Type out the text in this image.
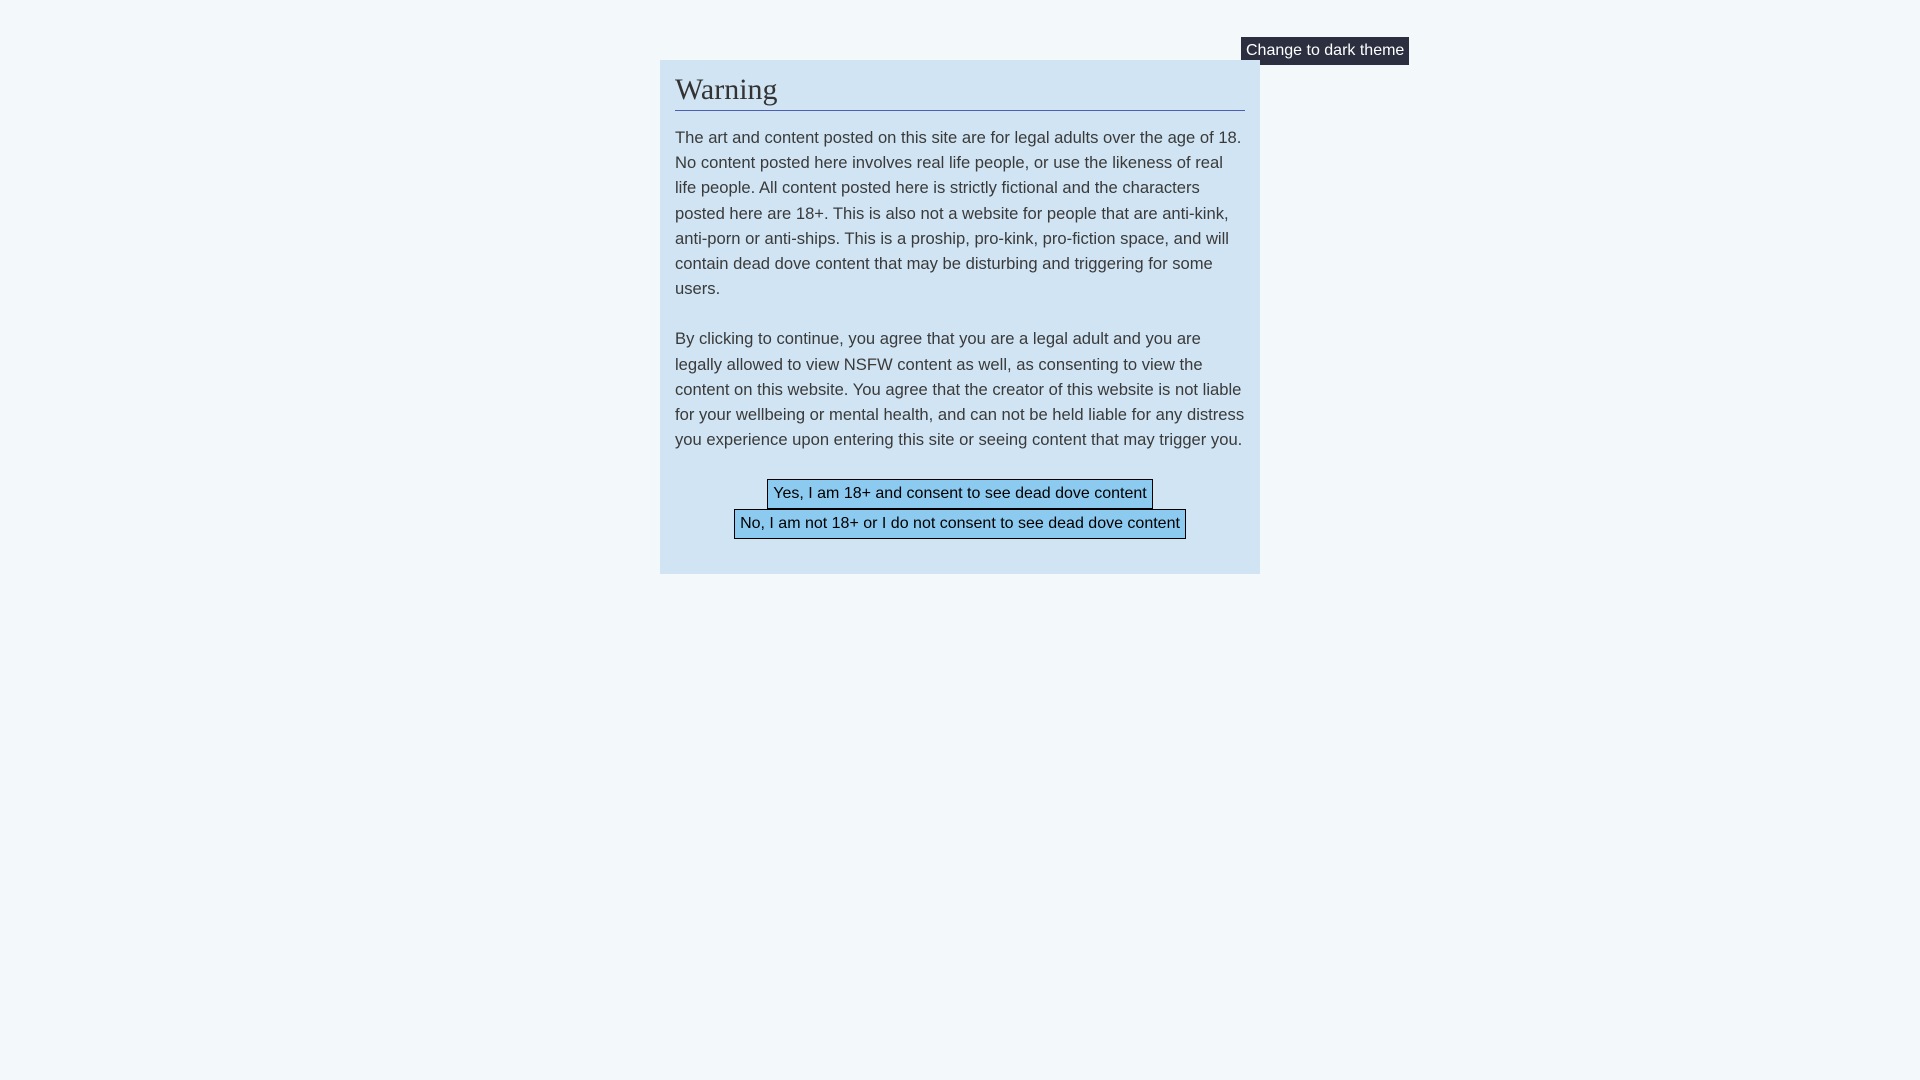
Change to dark theme
Warning

The art and content posted on this site are for legal adults over the age of 18. No content posted here involves real life people, or use the likeness of real life people. All content posted here is strictly fictional and the characters posted here are 18+. This is also not a website for people that are anti-kink, anti-porn or anti-ships. This is a proship, pro-kink, pro-fiction space, and will contain dead dove content that may be disturbing and triggering for some users.

By clicking to continue, you agree that you are a legal adult and you are legally allowed to view NSFW content as well, as consenting to view the content on this website. You agree that the creator of this website is not liable for your wellbeing or mental health, and can not be held liable for any distress you experience upon entering this site or seeing content that may trigger you.

Yes, I am 18+ and consent to see dead dove content
No, I am not 18+ or I do not consent to see dead dove content
